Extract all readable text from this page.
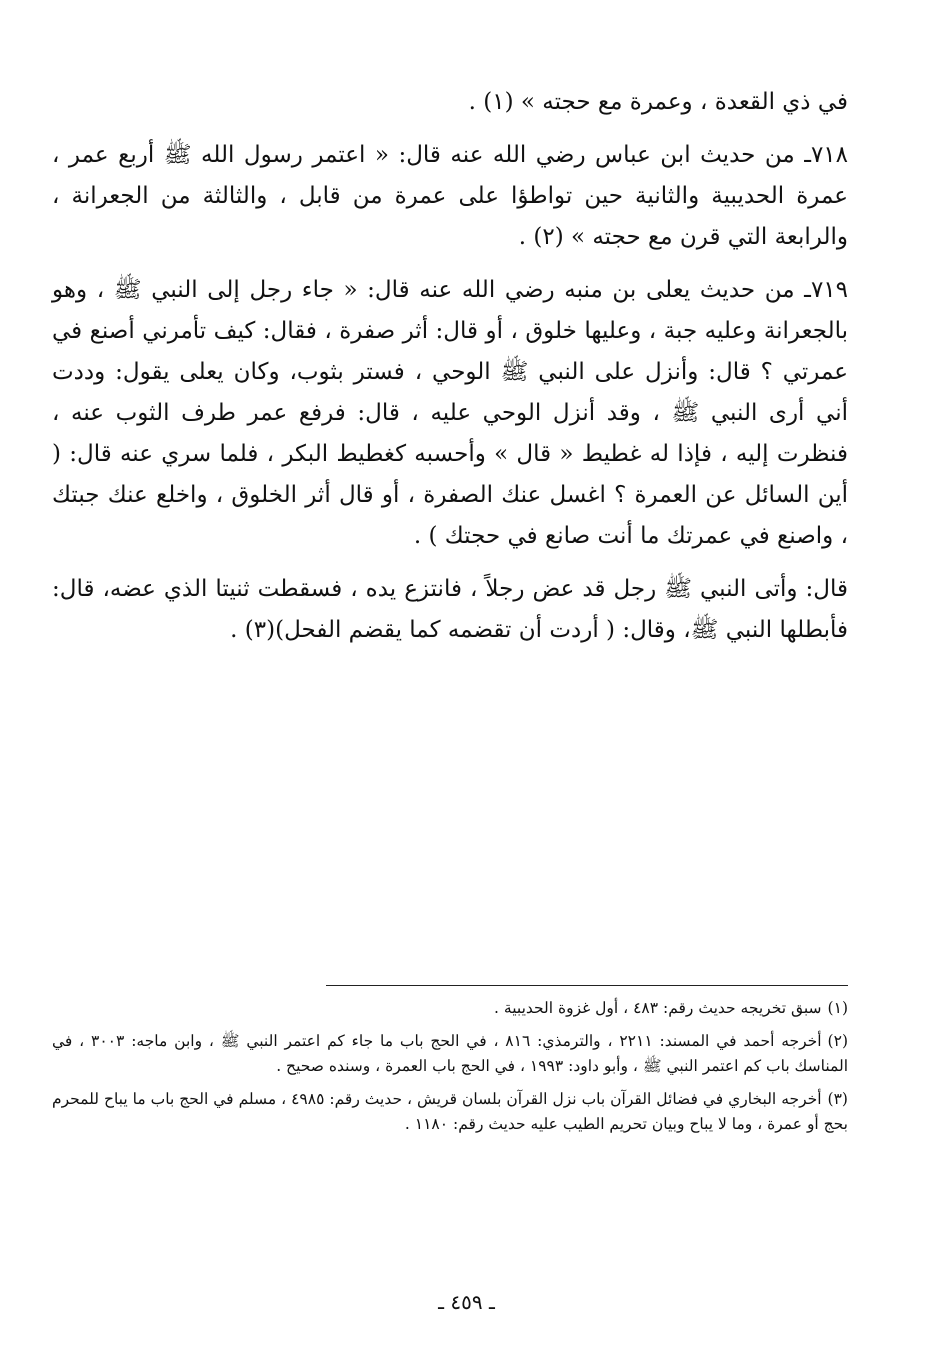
في ذي القعدة ، وعمرة مع حجته » (١) .

٧١٨ـ من حديث ابن عباس رضي الله عنه قال: « اعتمر رسول الله ﷺ أربع عمر ، عمرة الحديبية والثانية حين تواطؤا على عمرة من قابل ، والثالثة من الجعرانة ، والرابعة التي قرن مع حجته » (٢) .

٧١٩ـ من حديث يعلى بن منبه رضي الله عنه قال: « جاء رجل إلى النبي ﷺ ، وهو بالجعرانة وعليه جبة ، وعليها خلوق ، أو قال: أثر صفرة ، فقال: كيف تأمرني أصنع في عمرتي ؟ قال: وأنزل على النبي ﷺ الوحي ، فستر بثوب، وكان يعلى يقول: وددت أني أرى النبي ﷺ ، وقد أنزل الوحي عليه ، قال: فرفع عمر طرف الثوب عنه ، فنظرت إليه ، فإذا له غطيط « قال » وأحسبه كغطيط البكر ، فلما سري عنه قال: ( أين السائل عن العمرة ؟ اغسل عنك الصفرة ، أو قال أثر الخلوق ، واخلع عنك جبتك ، واصنع في عمرتك ما أنت صانع في حجتك ) .

قال: وأتى النبي ﷺ رجل قد عض رجلاً ، فانتزع يده ، فسقطت ثنيتا الذي عضه، قال: فأبطلها النبي ﷺ، وقال: ( أردت أن تقضمه كما يقضم الفحل)(٣) .

(١)سبق تخريجه حديث رقم: ٤٨٣ ، أول غزوة الحديبية .
(٢)أخرجه أحمد في المسند: ٢٢١١ ، والترمذي: ٨١٦ ، في الحج باب ما جاء كم اعتمر النبي ﷺ ، وابن ماجه: ٣٠٠٣ ، في المناسك باب كم اعتمر النبي ﷺ ، وأبو داود: ١٩٩٣ ، في الحج باب العمرة ، وسنده صحيح .
(٣)أخرجه البخاري في فضائل القرآن باب نزل القرآن بلسان قريش ، حديث رقم: ٤٩٨٥ ، مسلم في الحج باب ما يباح للمحرم بحج أو عمرة ، وما لا يباح وبيان تحريم الطيب عليه حديث رقم: ١١٨٠ .
ـ ٤٥٩ ـ
